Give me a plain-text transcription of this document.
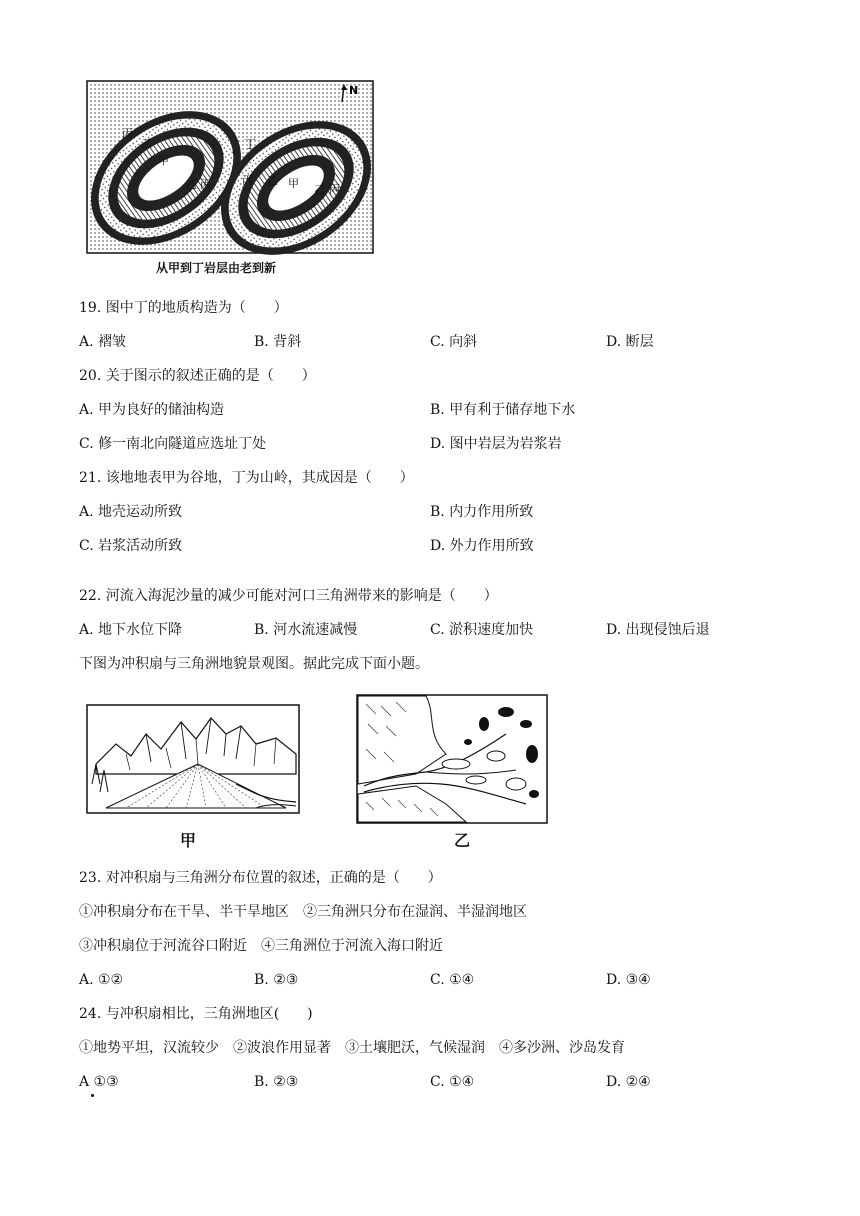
N
丙
乙
甲
乙 丙
丁
丙 乙 甲 乙 丙
从甲到丁岩层由老到新
19. 图中丁的地质构造为（　　）
A. 褶皱	B. 背斜	C. 向斜	D. 断层
20. 关于图示的叙述正确的是（　　）
A. 甲为良好的储油构造	B. 甲有利于储存地下水
C. 修一南北向隧道应选址丁处	D. 图中岩层为岩浆岩
21. 该地地表甲为谷地，丁为山岭，其成因是（　　）
A. 地壳运动所致	B. 内力作用所致
C. 岩浆活动所致	D. 外力作用所致
22. 河流入海泥沙量的减少可能对河口三角洲带来的影响是（　　）
A. 地下水位下降	B. 河水流速减慢	C. 淤积速度加快	D. 出现侵蚀后退
下图为冲积扇与三角洲地貌景观图。据此完成下面小题。
甲	乙
23. 对冲积扇与三角洲分布位置的叙述，正确的是（　　）
①冲积扇分布在干旱、半干旱地区　②三角洲只分布在湿润、半湿润地区
③冲积扇位于河流谷口附近　④三角洲位于河流入海口附近
A. ①②	B. ②③	C. ①④	D. ③④
24. 与冲积扇相比，三角洲地区(　　)
①地势平坦，汉流较少　②波浪作用显著　③土壤肥沃，气候湿润　④多沙洲、沙岛发育
A ①③	B. ②③	C. ①④	D. ②④
